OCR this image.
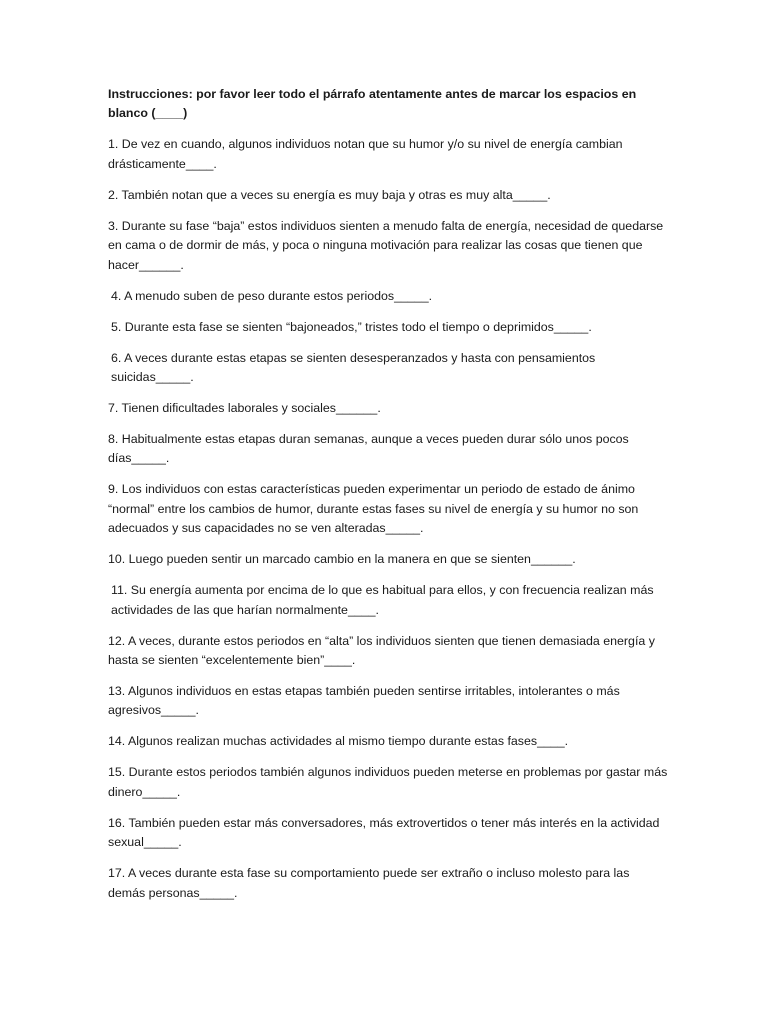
Instrucciones: por favor leer todo el párrafo atentamente antes de marcar los espacios en blanco (____)

1. De vez en cuando, algunos individuos notan que su humor y/o su nivel de energía cambian drásticamente____.

2. También notan que a veces su energía es muy baja y otras es muy alta_____.

3. Durante su fase “baja” estos individuos sienten a menudo falta de energía, necesidad de quedarse en cama o de dormir de más, y poca o ninguna motivación para realizar las cosas que tienen que hacer______.

4. A menudo suben de peso durante estos periodos_____.

5. Durante esta fase se sienten “bajoneados,” tristes todo el tiempo o deprimidos_____.

6. A veces durante estas etapas se sienten desesperanzados y hasta con pensamientos suicidas_____.

7. Tienen dificultades laborales y sociales______.

8. Habitualmente estas etapas duran semanas, aunque a veces pueden durar sólo unos pocos días_____.

9. Los individuos con estas características pueden experimentar un periodo de estado de ánimo “normal” entre los cambios de humor, durante estas fases su nivel de energía y su humor no son adecuados y sus capacidades no se ven alteradas_____.

10. Luego pueden sentir un marcado cambio en la manera en que se sienten______.

11. Su energía aumenta por encima de lo que es habitual para ellos, y con frecuencia realizan más actividades de las que harían normalmente____.

12. A veces, durante estos periodos en “alta” los individuos sienten que tienen demasiada energía y hasta se sienten “excelentemente bien”____.

13. Algunos individuos en estas etapas también pueden sentirse irritables, intolerantes o más agresivos_____.

14. Algunos realizan muchas actividades al mismo tiempo durante estas fases____.

15. Durante estos periodos también algunos individuos pueden meterse en problemas por gastar más dinero_____.

16. También pueden estar más conversadores, más extrovertidos o tener más interés en la actividad sexual_____.

17. A veces durante esta fase su comportamiento puede ser extraño o incluso molesto para las demás personas_____.
